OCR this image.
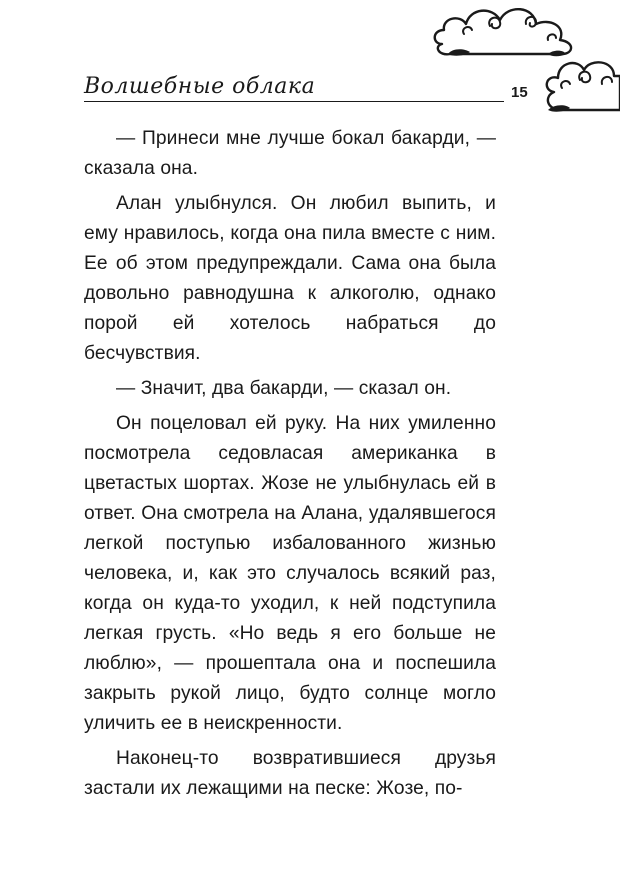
Волшебные облака	15

— Принеси мне лучше бокал бакарди, — сказала она.

Алан улыбнулся. Он любил выпить, и ему нравилось, когда она пила вместе с ним. Ее об этом предупреждали. Сама она была довольно равнодушна к алкоголю, однако порой ей хотелось набраться до бесчувствия.

— Значит, два бакарди, — сказал он.

Он поцеловал ей руку. На них умиленно посмотрела седовласая американка в цветастых шортах. Жозе не улыбнулась ей в ответ. Она смотрела на Алана, удалявшегося легкой поступью избалованного жизнью человека, и, как это случалось всякий раз, когда он куда-то уходил, к ней подступила легкая грусть. «Но ведь я его больше не люблю», — прошептала она и поспешила закрыть рукой лицо, будто солнце могло уличить ее в неискренности.

Наконец-то возвратившиеся друзья застали их лежащими на песке: Жозе, по-
